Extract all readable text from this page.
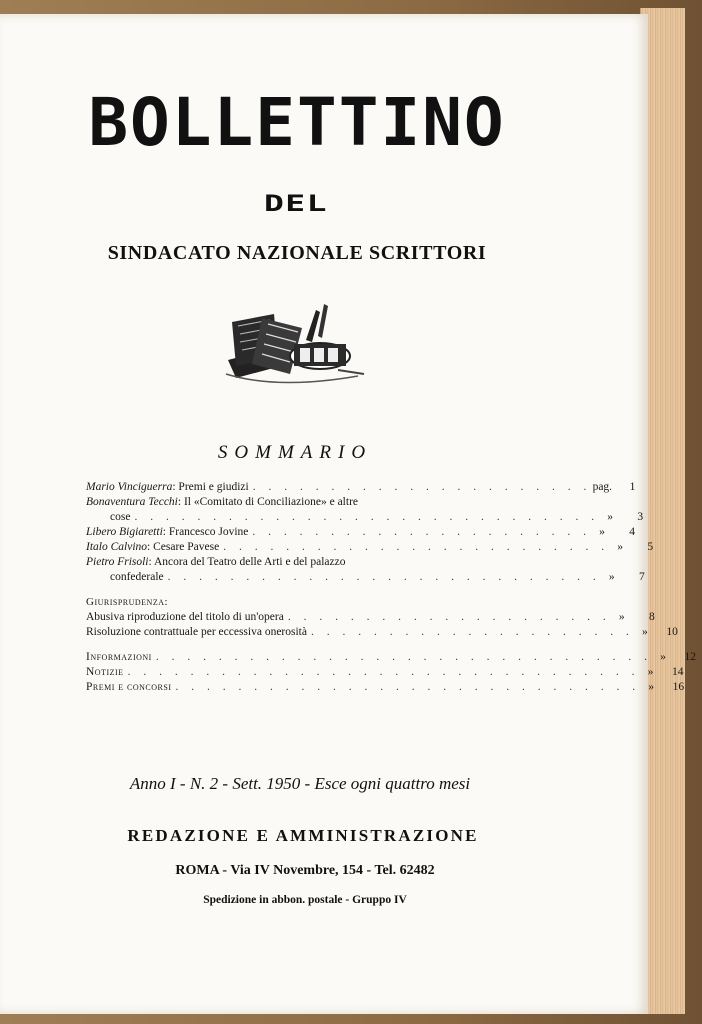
BOLLETTINO
DEL
SINDACATO NAZIONALE SCRITTORI
SOMMARIO
Mario Vinciguerra: Premi e giudizi . . . . . . . . . . . . . . . . . . . . . . pag.	1
Bonaventura Tecchi: Il «Comitato di Conciliazione» e altre
cose . . . . . . . . . . . . . . . . . . . . . . . . . . . . . . »	3
Libero Bigiaretti: Francesco Jovine . . . . . . . . . . . . . . . . . . . . . . »	4
Italo Calvino: Cesare Pavese . . . . . . . . . . . . . . . . . . . . . . . . . »	5
Pietro Frisoli: Ancora del Teatro delle Arti e del palazzo
confederale . . . . . . . . . . . . . . . . . . . . . . . . . . . . »	7
Giurisprudenza:
Abusiva riproduzione del titolo di un'opera . . . . . . . . . . . . . . . . . . . . . »	8
Risoluzione contrattuale per eccessiva onerosità . . . . . . . . . . . . . . . . . . . . . »	10
Informazioni . . . . . . . . . . . . . . . . . . . . . . . . . . . . . . . . »	12
Notizie . . . . . . . . . . . . . . . . . . . . . . . . . . . . . . . . . »	14
Premi e concorsi . . . . . . . . . . . . . . . . . . . . . . . . . . . . . . »	16
Anno I - N. 2 - Sett. 1950 - Esce ogni quattro mesi
REDAZIONE E AMMINISTRAZIONE
ROMA - Via IV Novembre, 154 - Tel. 62482
Spedizione in abbon. postale - Gruppo IV
